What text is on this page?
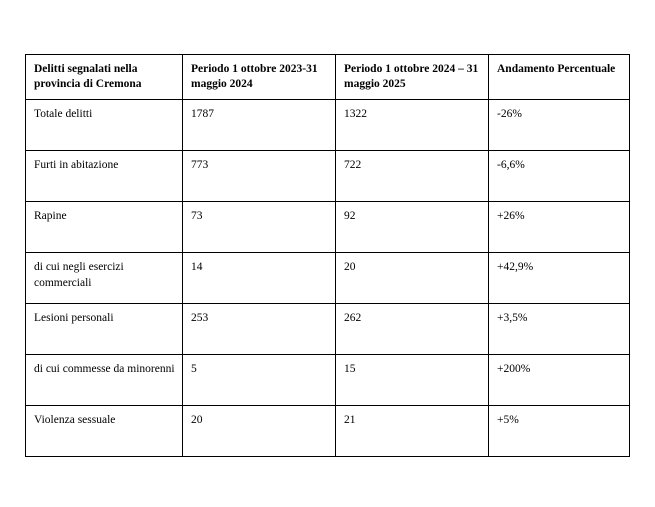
Delitti segnalati nella provincia di Cremona	Periodo 1 ottobre 2023-31 maggio 2024	Periodo 1 ottobre 2024 – 31 maggio 2025	Andamento Percentuale
Totale delitti	1787	1322	-26%
Furti in abitazione	773	722	-6,6%
Rapine	73	92	+26%
di cui negli esercizi commerciali	14	20	+42,9%
Lesioni personali	253	262	+3,5%
di cui commesse da minorenni	5	15	+200%
Violenza sessuale	20	21	+5%
